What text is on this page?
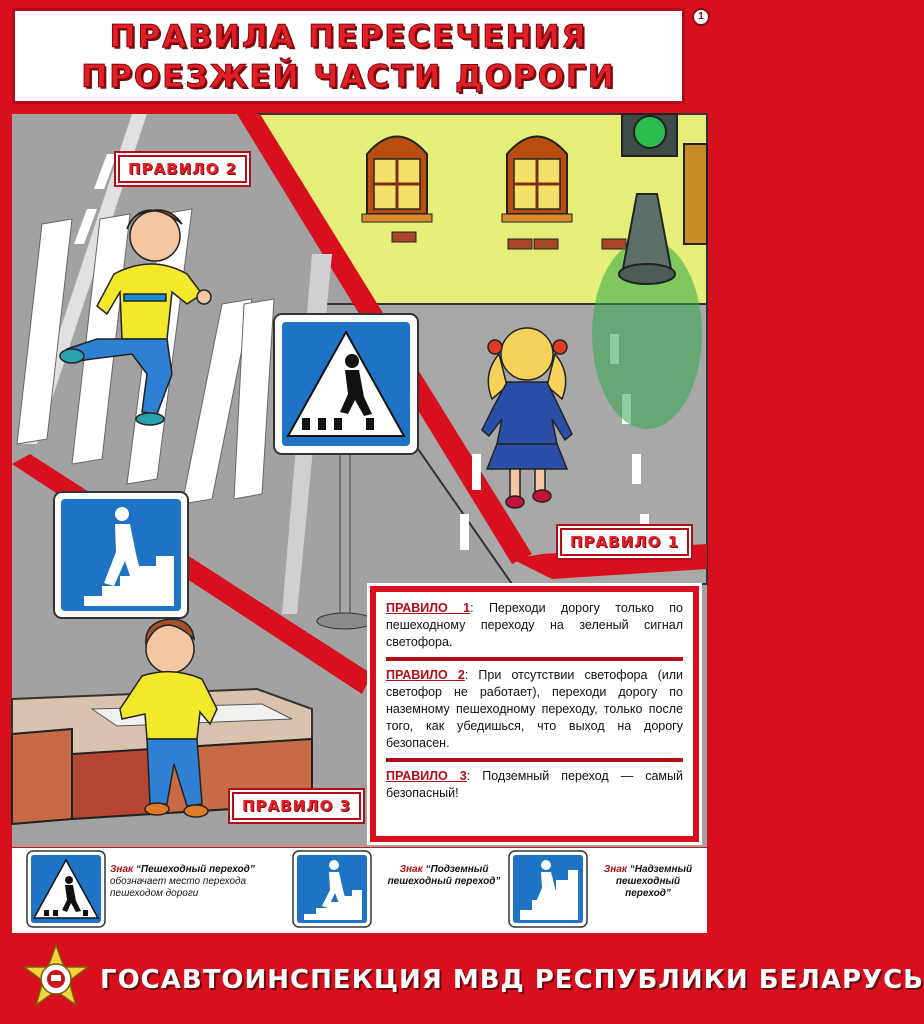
ПРАВИЛА ПЕРЕСЕЧЕНИЯ
ПРОЕЗЖЕЙ ЧАСТИ ДОРОГИ
1
ПРАВИЛО 2
ПРАВИЛО 1
ПРАВИЛО 3

ПРАВИЛО 1: Переходи дорогу только по пешеходному переходу на зеленый сигнал светофора.

ПРАВИЛО 2: При отсутствии светофора (или светофор не работает), переходи дорогу по наземному пешеходному переходу, только после того, как убедишься, что выход на дорогу безопасен.

ПРАВИЛО 3: Подземный переход — самый безопасный!

Знак “Пешеходный переход”
обозначает место перехода пешеходом дороги
Знак “Подземный пешеходный переход”
Знак “Надземный пешеходный переход”
ГОСАВТОИНСПЕКЦИЯ МВД РЕСПУБЛИКИ БЕЛАРУСЬ
